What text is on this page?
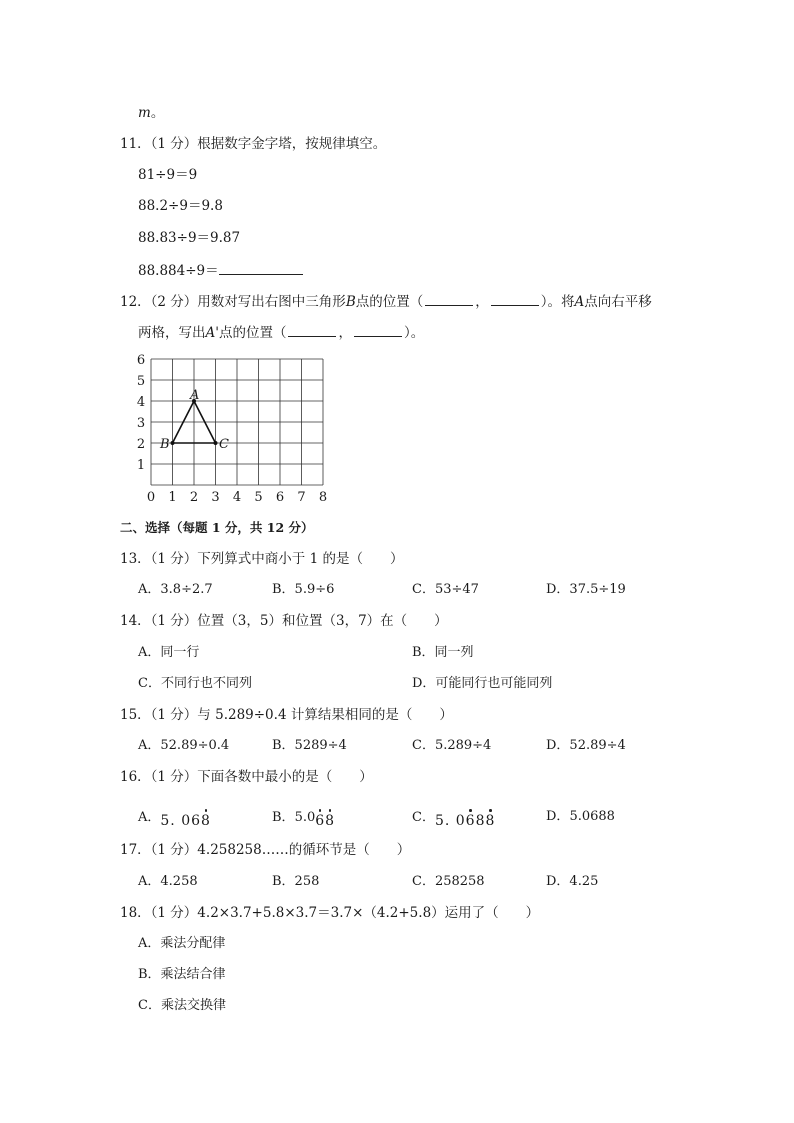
m。
11．（1 分）根据数字金字塔，按规律填空。
81÷9＝9
88.2÷9＝9.8
88.83÷9＝9.87
88.884÷9＝
12．（2 分）用数对写出右图中三角形B点的位置（	，	）。将A点向右平移
两格，写出A'点的位置（	，	）。
0 1 2 3 4 5 6 7 8
1
2
3
4
5
6
A
B	C
二、选择（每题 1 分，共 12 分）
13．（1 分）下列算式中商小于 1 的是（　　）
A．3.8÷2.7	B．5.9÷6	C．53÷47	D．37.5÷19
14．（1 分）位置（3，5）和位置（3，7）在（　　）
A．同一行	B．同一列
C．不同行也不同列	D．可能同行也可能同列
15．（1 分）与 5.289÷0.4 计算结果相同的是（　　）
A．52.89÷0.4	B．5289÷4	C．5.289÷4	D．52.89÷4
16．（1 分）下面各数中最小的是（　　）
A．5. 068	B．5.068	C．5. 0688	D．5.0688
17．（1 分）4.258258……的循环节是（　　）
A．4.258	B．258	C．258258	D．4.25
18．（1 分）4.2×3.7+5.8×3.7＝3.7×（4.2+5.8）运用了（　　）
A．乘法分配律
B．乘法结合律
C．乘法交换律
